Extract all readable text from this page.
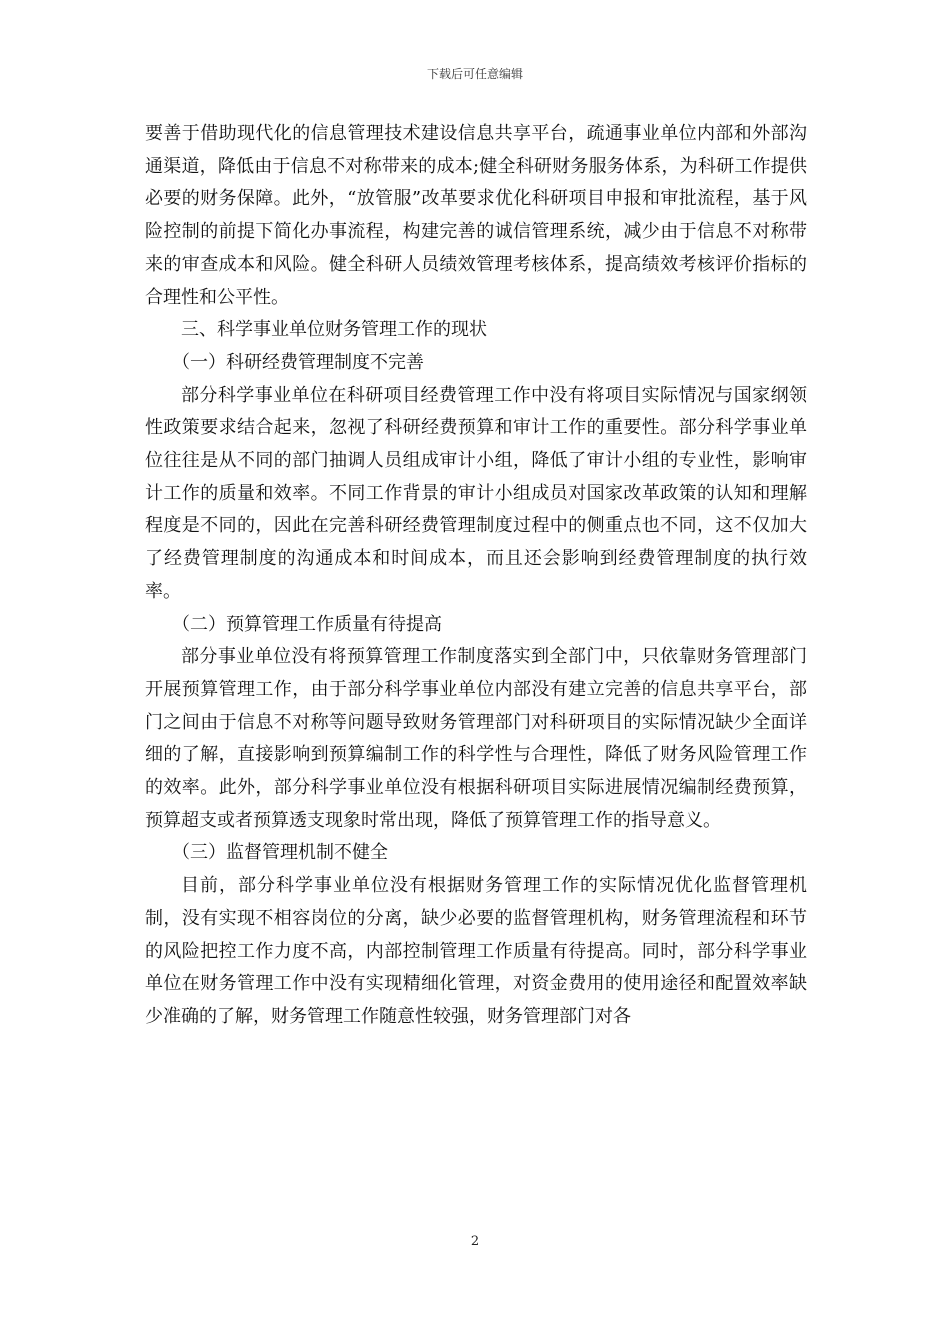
下载后可任意编辑

要善于借助现代化的信息管理技术建设信息共享平台，疏通事业单位内部和外部沟通渠道，降低由于信息不对称带来的成本;健全科研财务服务体系，为科研工作提供必要的财务保障。此外，“放管服”改革要求优化科研项目申报和审批流程，基于风险控制的前提下简化办事流程，构建完善的诚信管理系统，减少由于信息不对称带来的审查成本和风险。健全科研人员绩效管理考核体系，提高绩效考核评价指标的合理性和公平性。

三、科学事业单位财务管理工作的现状

（一）科研经费管理制度不完善

部分科学事业单位在科研项目经费管理工作中没有将项目实际情况与国家纲领性政策要求结合起来，忽视了科研经费预算和审计工作的重要性。部分科学事业单位往往是从不同的部门抽调人员组成审计小组，降低了审计小组的专业性，影响审计工作的质量和效率。不同工作背景的审计小组成员对国家改革政策的认知和理解程度是不同的，因此在完善科研经费管理制度过程中的侧重点也不同，这不仅加大了经费管理制度的沟通成本和时间成本，而且还会影响到经费管理制度的执行效率。

（二）预算管理工作质量有待提高

部分事业单位没有将预算管理工作制度落实到全部门中，只依靠财务管理部门开展预算管理工作，由于部分科学事业单位内部没有建立完善的信息共享平台，部门之间由于信息不对称等问题导致财务管理部门对科研项目的实际情况缺少全面详细的了解，直接影响到预算编制工作的科学性与合理性，降低了财务风险管理工作的效率。此外，部分科学事业单位没有根据科研项目实际进展情况编制经费预算，预算超支或者预算透支现象时常出现，降低了预算管理工作的指导意义。

（三）监督管理机制不健全

目前，部分科学事业单位没有根据财务管理工作的实际情况优化监督管理机制，没有实现不相容岗位的分离，缺少必要的监督管理机构，财务管理流程和环节的风险把控工作力度不高，内部控制管理工作质量有待提高。同时，部分科学事业单位在财务管理工作中没有实现精细化管理，对资金费用的使用途径和配置效率缺少准确的了解，财务管理工作随意性较强，财务管理部门对各

2
